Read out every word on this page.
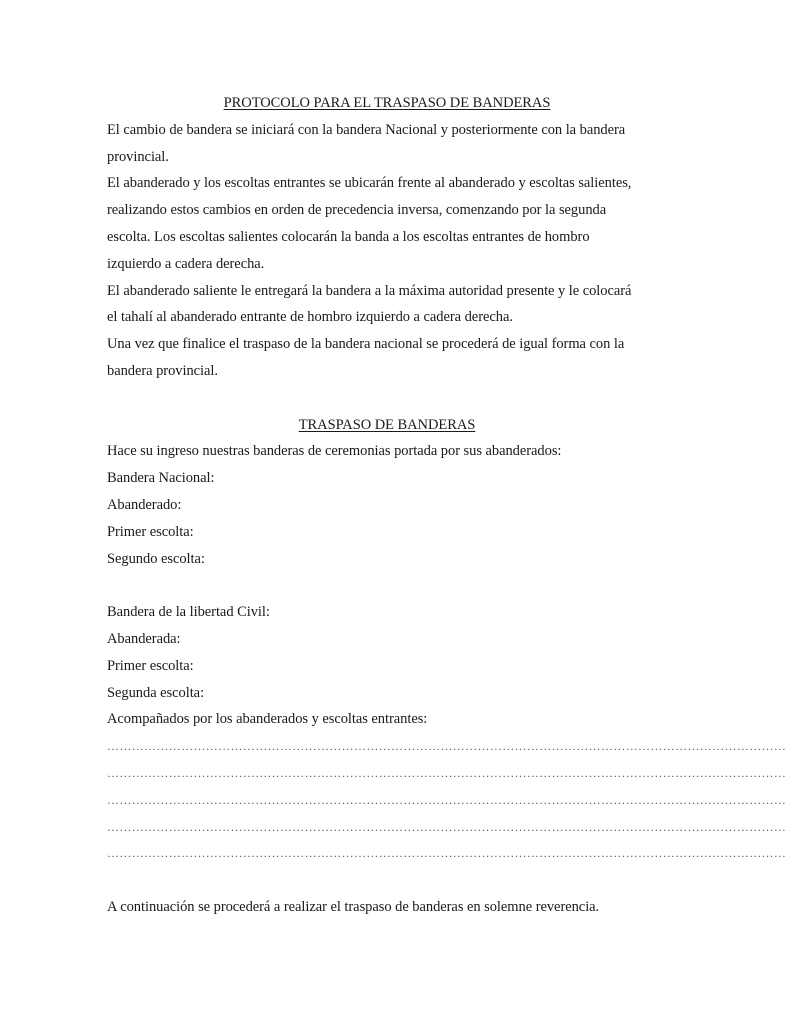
PROTOCOLO PARA EL TRASPASO DE BANDERAS
El cambio de bandera se iniciará con la bandera Nacional y posteriormente con la bandera
provincial.
El abanderado y los escoltas entrantes se ubicarán frente al abanderado y escoltas salientes,
realizando estos cambios en orden de precedencia inversa, comenzando por la segunda
escolta. Los escoltas salientes colocarán la banda a los escoltas entrantes de hombro
izquierdo a cadera derecha.
El abanderado saliente le entregará la bandera a la máxima autoridad presente y le colocará
el tahalí al abanderado entrante de hombro izquierdo a cadera derecha.
Una vez que finalice el traspaso de la bandera nacional se procederá de igual forma con la
bandera provincial.
TRASPASO DE BANDERAS
Hace su ingreso nuestras banderas de ceremonias portada por sus abanderados:
Bandera Nacional:
Abanderado:
Primer escolta:
Segundo escolta:
Bandera de la libertad Civil:
Abanderada:
Primer escolta:
Segunda escolta:
Acompañados por los abanderados y escoltas entrantes:
…………………………………………………………………………………………………………………………………………………
…………………………………………………………………………………………………………………………………………………
…………………………………………………………………………………………………………………………………………………
…………………………………………………………………………………………………………………………………………………
…………………………………………………………………………………………………………………………………………………
A continuación se procederá a realizar el traspaso de banderas en solemne reverencia.
